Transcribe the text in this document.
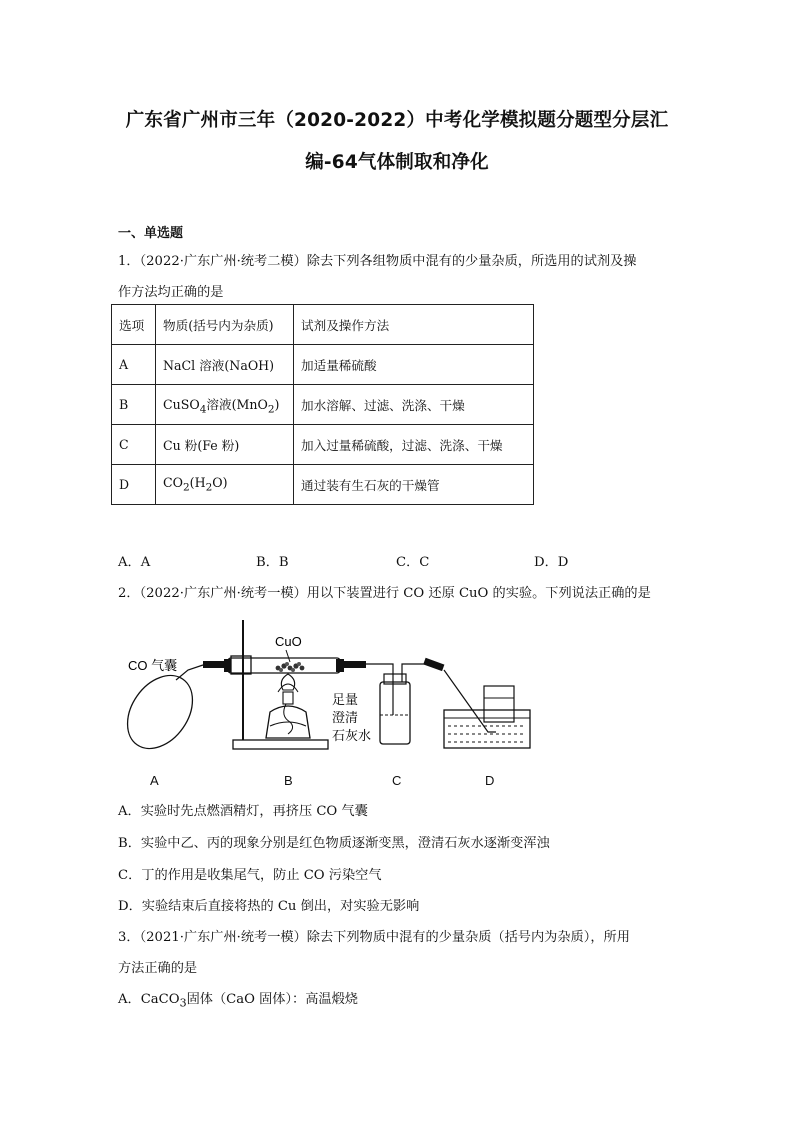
广东省广州市三年（2020-2022）中考化学模拟题分题型分层汇
编-64气体制取和净化
一、单选题
1．（2022·广东广州·统考二模）除去下列各组物质中混有的少量杂质，所选用的试剂及操
作方法均正确的是
选项	物质(括号内为杂质)	试剂及操作方法
A	NaCl 溶液(NaOH)	加适量稀硫酸
B	CuSO$_4$溶液(MnO$_2$)	加水溶解、过滤、洗涤、干燥
C	Cu 粉(Fe 粉)	加入过量稀硫酸，过滤、洗涤、干燥
D	$CO_2(H_2O)$	通过装有生石灰的干燥管
A．A	B．B	C．C	D．D
2．（2022·广东广州·统考一模）用以下装置进行 CO 还原 CuO 的实验。下列说法正确的是
CO 气囊
CuO
足量
澄清
石灰水
A	B	C	D
A．实验时先点燃酒精灯，再挤压 CO 气囊
B．实验中乙、丙的现象分别是红色物质逐渐变黑，澄清石灰水逐渐变浑浊
C．丁的作用是收集尾气，防止 CO 污染空气
D．实验结束后直接将热的 Cu 倒出，对实验无影响
3．（2021·广东广州·统考一模）除去下列物质中混有的少量杂质（括号内为杂质），所用
方法正确的是
A．CaCO$_3$固体（CaO 固体）：高温煅烧
